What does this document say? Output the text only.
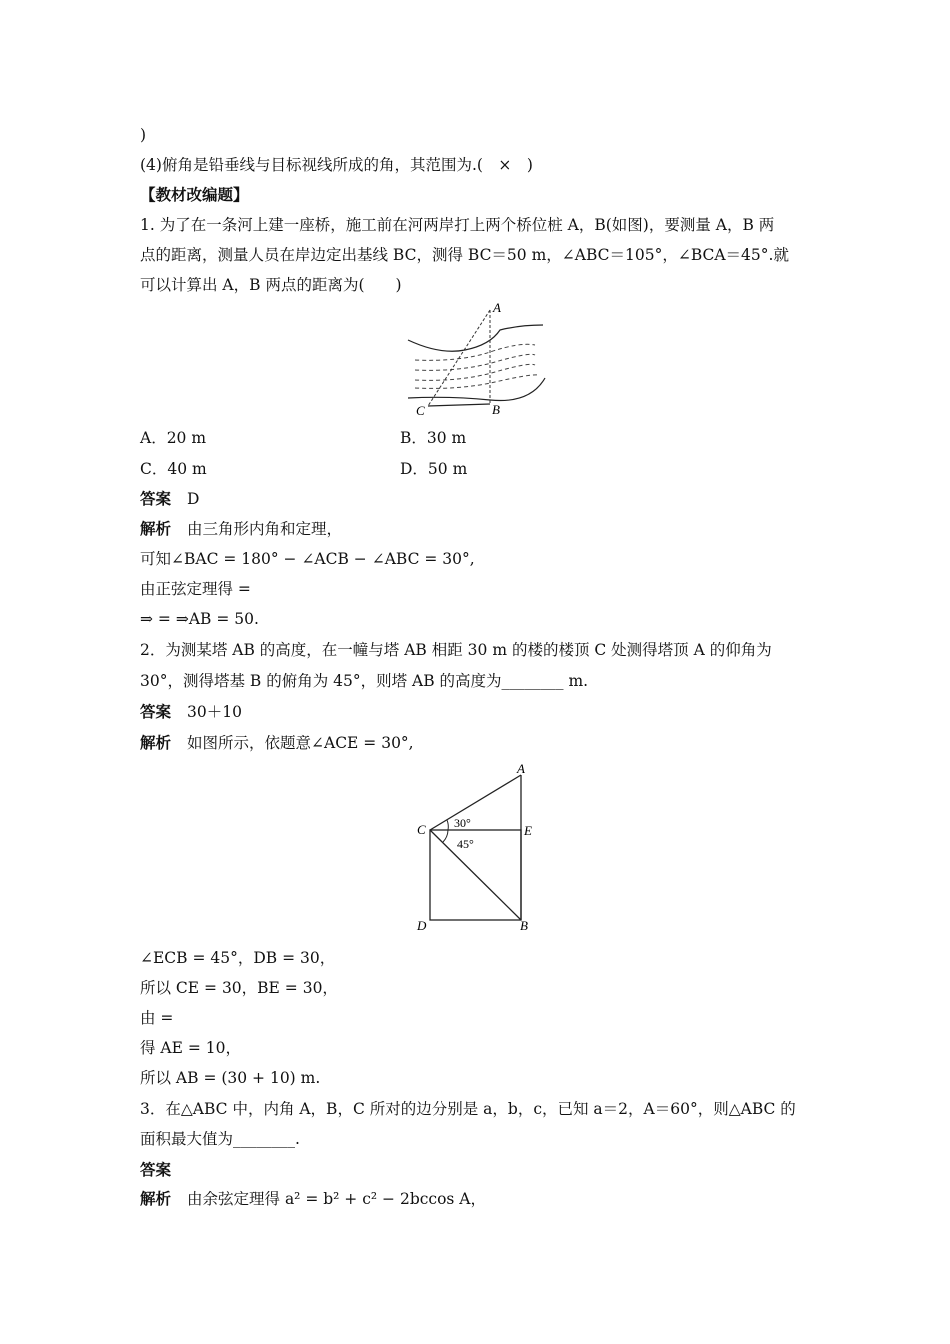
)
(4)俯角是铅垂线与目标视线所成的角，其范围为.(　×　)
【教材改编题】
1. 为了在一条河上建一座桥，施工前在河两岸打上两个桥位桩 A，B(如图)，要测量 A，B 两
点的距离，测量人员在岸边定出基线 BC，测得 BC＝50 m，∠ABC＝105°，∠BCA＝45°.就
可以计算出 A，B 两点的距离为(　　)
A
B
C
A．20 m	B．30 m
C．40 m	D．50 m
答案 D
解析 由三角形内角和定理，
可知∠BAC = 180° − ∠ACB − ∠ABC = 30°,
由正弦定理得 =
⇒ = ⇒AB = 50.
2．为测某塔 AB 的高度，在一幢与塔 AB 相距 30 m 的楼的楼顶 C 处测得塔顶 A 的仰角为
30°，测得塔基 B 的俯角为 45°，则塔 AB 的高度为________ m.
答案 30＋10
解析 如图所示，依题意∠ACE = 30°,
A
C	E
D	B
30°
45°
∠ECB = 45°，DB = 30，
所以 CE = 30，BE = 30，
由 =
得 AE = 10，
所以 AB = (30 + 10) m.
3．在△ABC 中，内角 A，B，C 所对的边分别是 a，b，c，已知 a＝2，A＝60°，则△ABC 的
面积最大值为________.
答案
解析 由余弦定理得 a² = b² + c² − 2bccos A，
